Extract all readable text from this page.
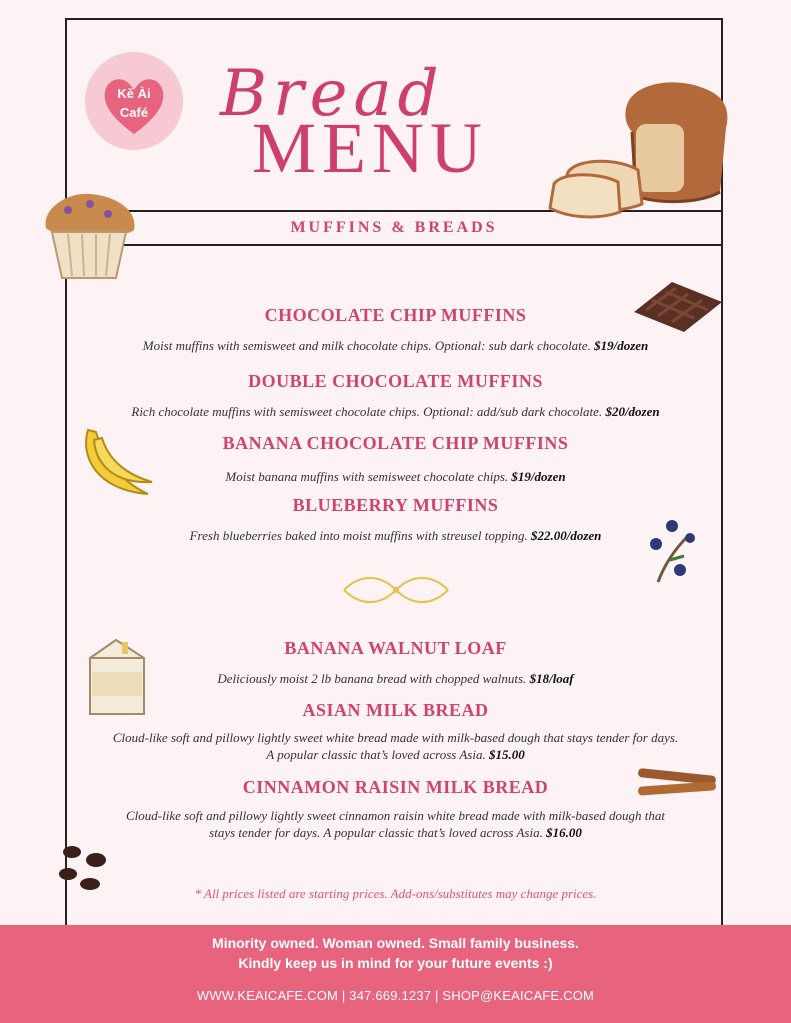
Kě Ài
Café	Bread
MENU
MUFFINS & BREADS
CHOCOLATE CHIP MUFFINS
Moist muffins with semisweet and milk chocolate chips. Optional: sub dark chocolate. $19/dozen
DOUBLE CHOCOLATE MUFFINS
Rich chocolate muffins with semisweet chocolate chips. Optional: add/sub dark chocolate. $20/dozen
BANANA CHOCOLATE CHIP MUFFINS
Moist banana muffins with semisweet chocolate chips. $19/dozen
BLUEBERRY MUFFINS
Fresh blueberries baked into moist muffins with streusel topping. $22.00/dozen
BANANA WALNUT LOAF
Deliciously moist 2 lb banana bread with chopped walnuts. $18/loaf
ASIAN MILK BREAD
Cloud-like soft and pillowy lightly sweet white bread made with milk-based dough that stays tender for days.
A popular classic that’s loved across Asia. $15.00
CINNAMON RAISIN MILK BREAD
Cloud-like soft and pillowy lightly sweet cinnamon raisin white bread made with milk-based dough that
stays tender for days. A popular classic that’s loved across Asia. $16.00
* All prices listed are starting prices. Add-ons/substitutes may change prices.
Minority owned. Woman owned. Small family business.
Kindly keep us in mind for your future events :)
WWW.KEAICAFE.COM | 347.669.1237 | SHOP@KEAICAFE.COM
